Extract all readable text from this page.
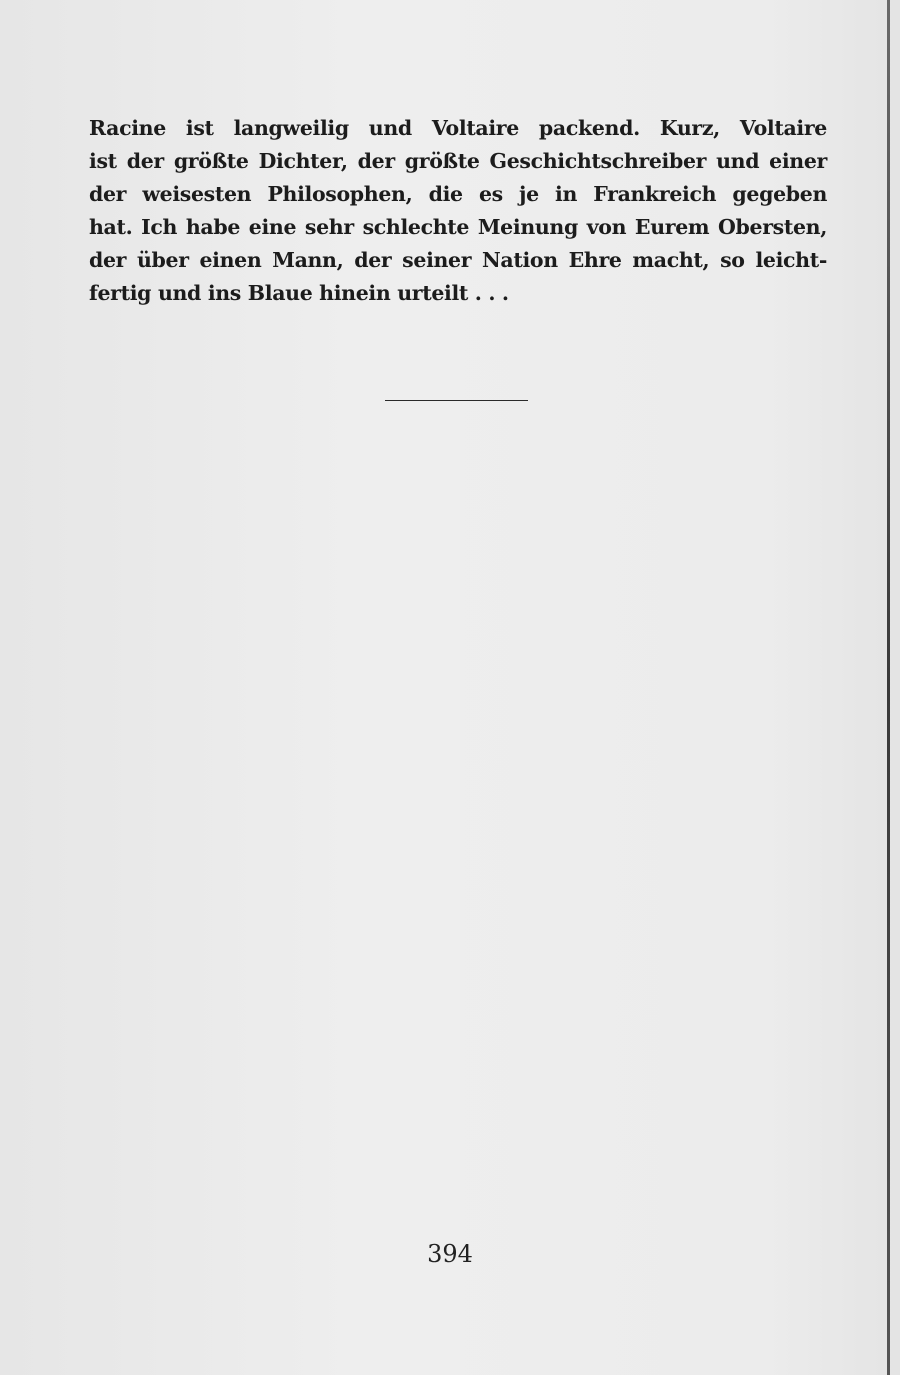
Racine ist langweilig und Voltaire packend. Kurz, Voltaire
ist der größte Dichter, der größte Geschichtschreiber und einer
der weisesten Philosophen, die es je in Frankreich gegeben
hat. Ich habe eine sehr schlechte Meinung von Eurem Obersten,
der über einen Mann, der seiner Nation Ehre macht, so leicht-
fertig und ins Blaue hinein urteilt . . .
394
